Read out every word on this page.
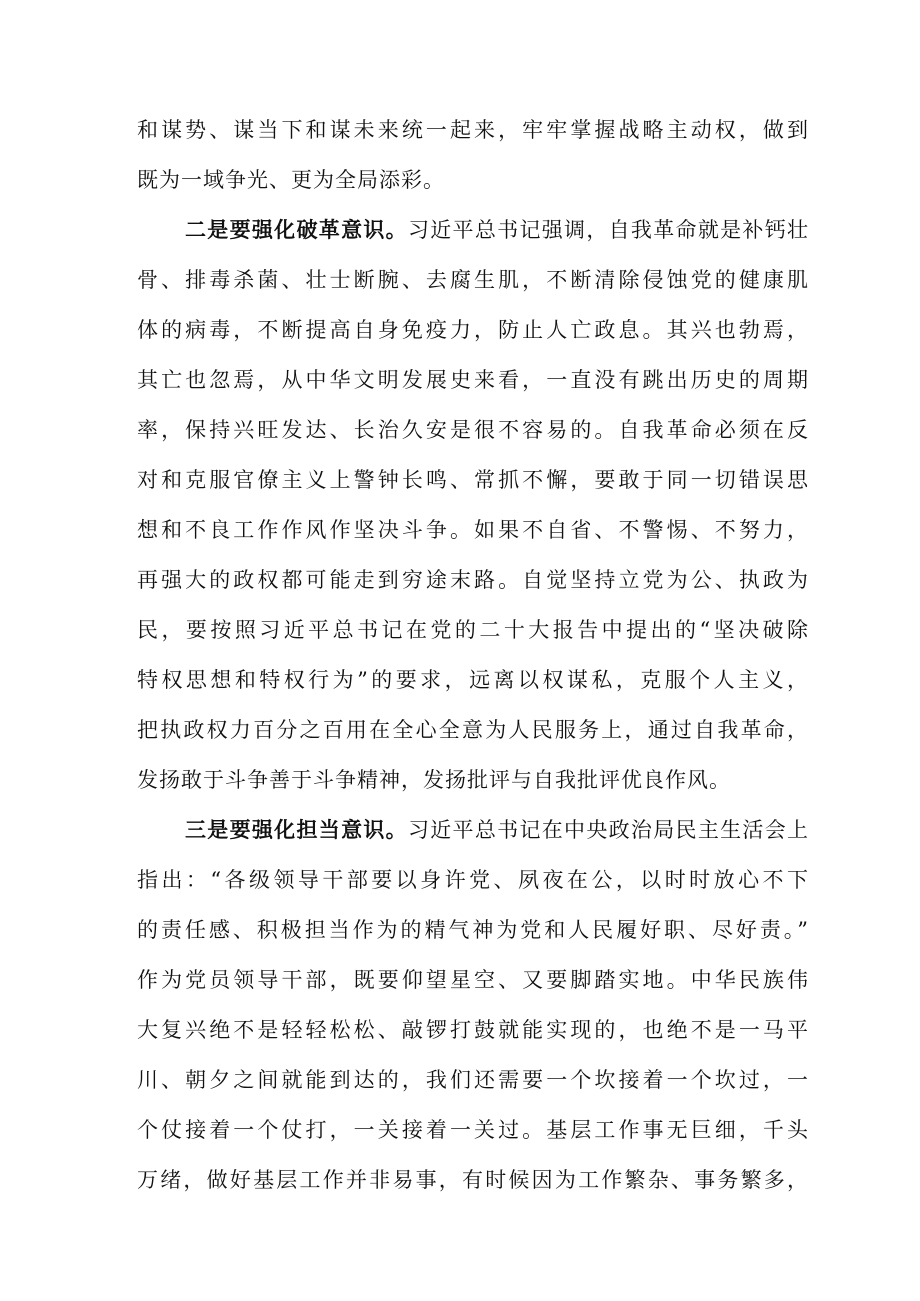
和谋势、谋当下和谋未来统一起来，牢牢掌握战略主动权，做到
既为一域争光、更为全局添彩。
二是要强化破革意识。习近平总书记强调，自我革命就是补钙壮
骨、排毒杀菌、壮士断腕、去腐生肌，不断清除侵蚀党的健康肌
体的病毒，不断提高自身免疫力，防止人亡政息。其兴也勃焉，
其亡也忽焉，从中华文明发展史来看，一直没有跳出历史的周期
率，保持兴旺发达、长治久安是很不容易的。自我革命必须在反
对和克服官僚主义上警钟长鸣、常抓不懈，要敢于同一切错误思
想和不良工作作风作坚决斗争。如果不自省、不警惕、不努力，
再强大的政权都可能走到穷途末路。自觉坚持立党为公、执政为
民，要按照习近平总书记在党的二十大报告中提出的“坚决破除
特权思想和特权行为”的要求，远离以权谋私，克服个人主义，
把执政权力百分之百用在全心全意为人民服务上，通过自我革命，
发扬敢于斗争善于斗争精神，发扬批评与自我批评优良作风。
三是要强化担当意识。习近平总书记在中央政治局民主生活会上
指出：“各级领导干部要以身许党、夙夜在公，以时时放心不下
的责任感、积极担当作为的精气神为党和人民履好职、尽好责。”
作为党员领导干部，既要仰望星空、又要脚踏实地。中华民族伟
大复兴绝不是轻轻松松、敲锣打鼓就能实现的，也绝不是一马平
川、朝夕之间就能到达的，我们还需要一个坎接着一个坎过，一
个仗接着一个仗打，一关接着一关过。基层工作事无巨细，千头
万绪，做好基层工作并非易事，有时候因为工作繁杂、事务繁多，
